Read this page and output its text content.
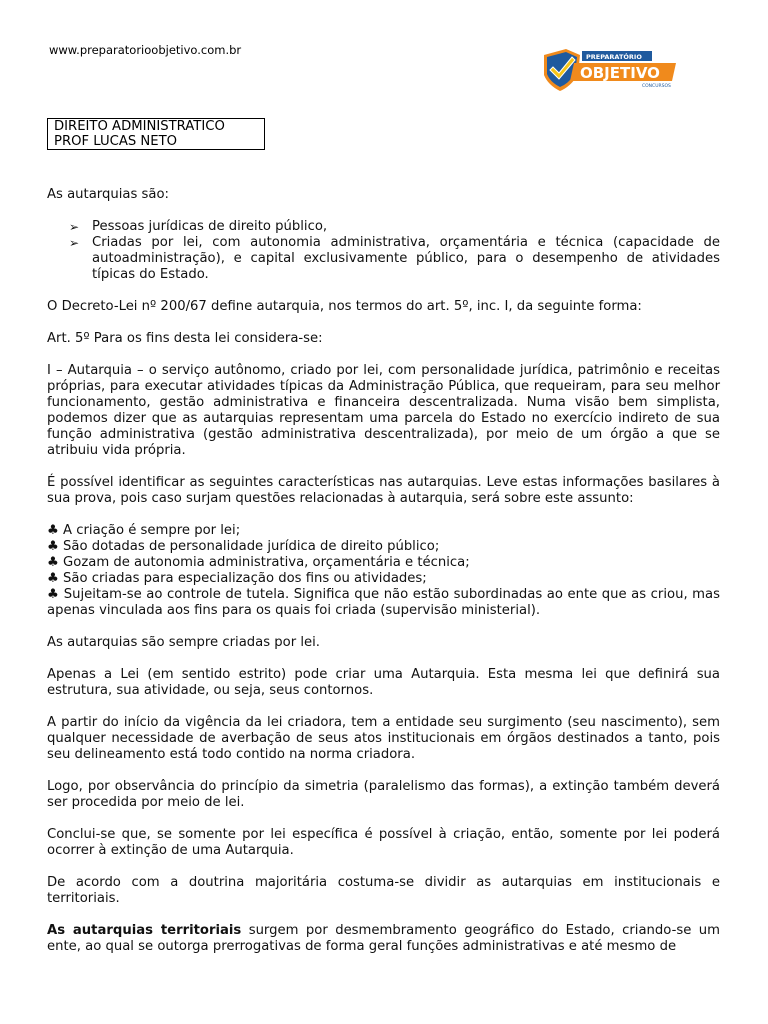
www.preparatorioobjetivo.com.br	PREPARATÓRIO
OBJETIVO
CONCURSOS
DIREITO ADMINISTRATICO
PROF LUCAS NETO

As autarquias são:

➢ Pessoas jurídicas de direito público,
➢ Criadas por lei, com autonomia administrativa, orçamentária e técnica (capacidade de autoadministração), e capital exclusivamente público, para o desempenho de atividades típicas do Estado.

O Decreto-Lei nº 200/67 define autarquia, nos termos do art. 5º, inc. I, da seguinte forma:

Art. 5º Para os fins desta lei considera-se:

I – Autarquia – o serviço autônomo, criado por lei, com personalidade jurídica, patrimônio e receitas próprias, para executar atividades típicas da Administração Pública, que requeiram, para seu melhor funcionamento, gestão administrativa e financeira descentralizada. Numa visão bem simplista, podemos dizer que as autarquias representam uma parcela do Estado no exercício indireto de sua função administrativa (gestão administrativa descentralizada), por meio de um órgão a que se atribuiu vida própria.

É possível identificar as seguintes características nas autarquias. Leve estas informações basilares à sua prova, pois caso surjam questões relacionadas à autarquia, será sobre este assunto:

♣ A criação é sempre por lei;
♣ São dotadas de personalidade jurídica de direito público;
♣ Gozam de autonomia administrativa, orçamentária e técnica;
♣ São criadas para especialização dos fins ou atividades;
♣ Sujeitam-se ao controle de tutela. Significa que não estão subordinadas ao ente que as criou, mas apenas vinculada aos fins para os quais foi criada (supervisão ministerial).

As autarquias são sempre criadas por lei.

Apenas a Lei (em sentido estrito) pode criar uma Autarquia. Esta mesma lei que definirá sua estrutura, sua atividade, ou seja, seus contornos.

A partir do início da vigência da lei criadora, tem a entidade seu surgimento (seu nascimento), sem qualquer necessidade de averbação de seus atos institucionais em órgãos destinados a tanto, pois seu delineamento está todo contido na norma criadora.

Logo, por observância do princípio da simetria (paralelismo das formas), a extinção também deverá ser procedida por meio de lei.

Conclui-se que, se somente por lei específica é possível à criação, então, somente por lei poderá ocorrer à extinção de uma Autarquia.

De acordo com a doutrina majoritária costuma-se dividir as autarquias em institucionais e territoriais.

As autarquias territoriais surgem por desmembramento geográfico do Estado, criando-se um ente, ao qual se outorga prerrogativas de forma geral funções administrativas e até mesmo de
